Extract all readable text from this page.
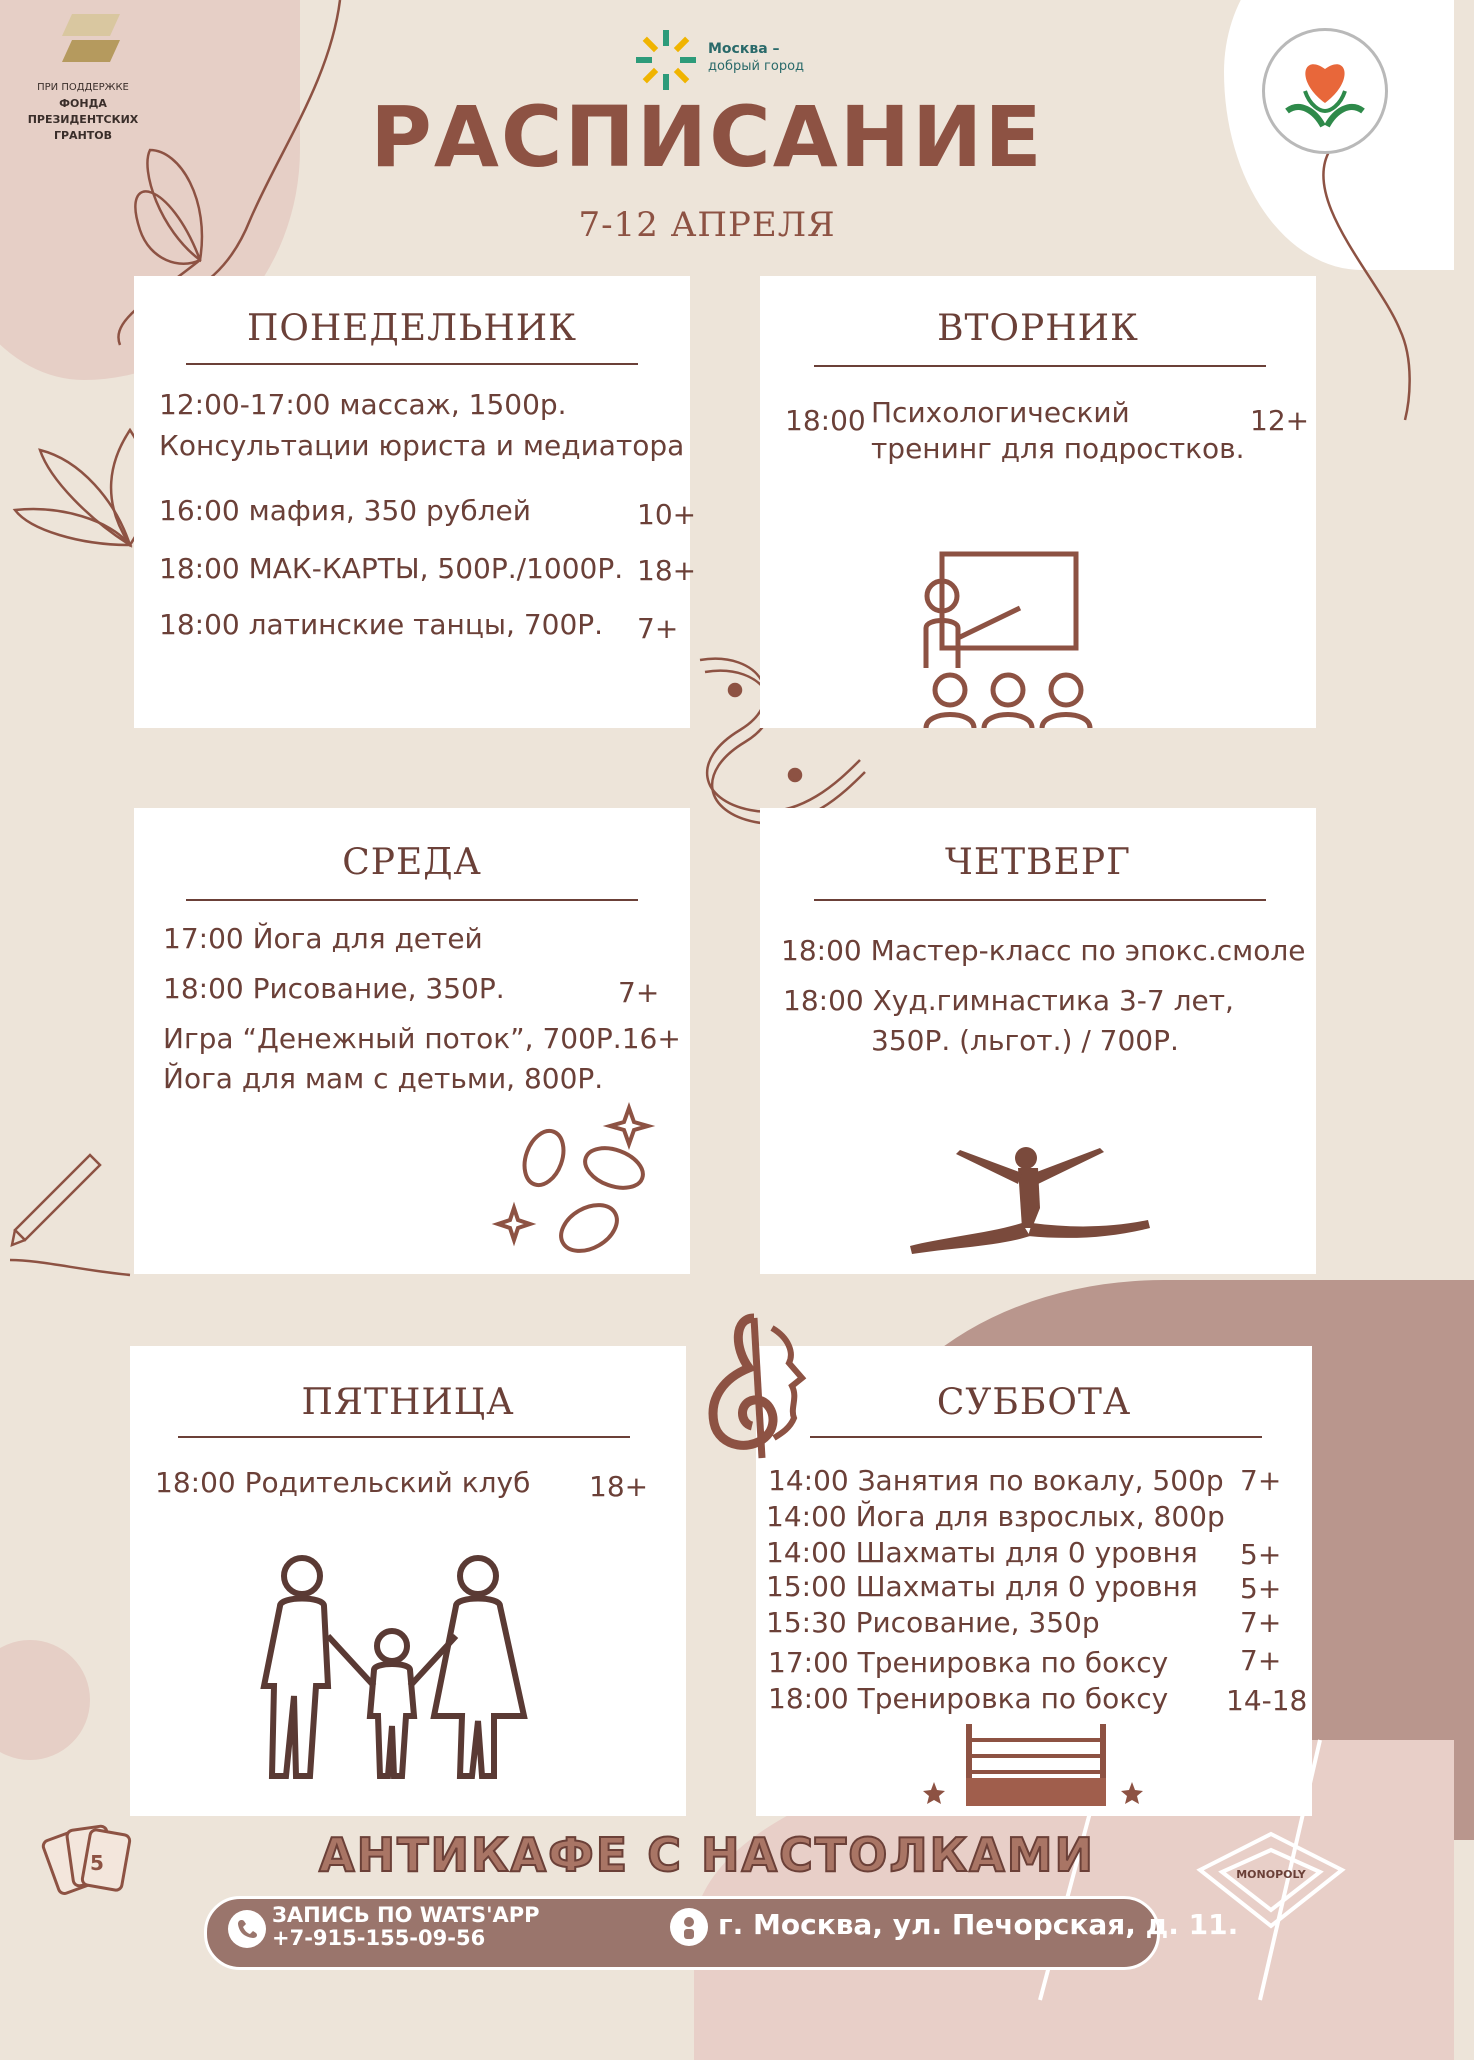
ПРИ ПОДДЕРЖКЕ
ФОНДА
ПРЕЗИДЕНТСКИХ
ГРАНТОВ
Москва –
добрый город
РАСПИСАНИЕ
7-12 АПРЕЛЯ
ПОНЕДЕЛЬНИК
12:00-17:00 массаж, 1500р.
Консультации юриста и медиатора
16:00 мафия, 350 рублей	10+
18:00 МАК-КАРТЫ, 500Р./1000Р. 18+
18:00 латинские танцы, 700Р. 7+
ВТОРНИК
18:00 Психологический
тренинг для подростков.
12+
СРЕДА
17:00 Йога для детей
18:00 Рисование, 350Р.	7+
Игра “Денежный поток”, 700Р.16+
Йога для мам с детьми, 800Р.
ЧЕТВЕРГ
18:00 Мастер-класс по эпокс.смоле
18:00 Худ.гимнастика 3-7 лет,
350Р. (льгот.) / 700Р.
ПЯТНИЦА
18:00 Родительский клуб 18+
СУББОТА
14:00 Занятия по вокалу, 500р 7+
14:00 Йога для взрослых, 800р
14:00 Шахматы для 0 уровня 5+
15:00 Шахматы для 0 уровня 5+
15:30 Рисование, 350р	7+
17:00 Тренировка по боксу	7+
18:00 Тренировка по боксу 14-18
5	MONOPOLY
АНТИКАФЕ С НАСТОЛКАМИ
ЗАПИСЬ ПО WATS'APP
+7-915-155-09-56	г. Москва, ул. Печорская, д. 11.
